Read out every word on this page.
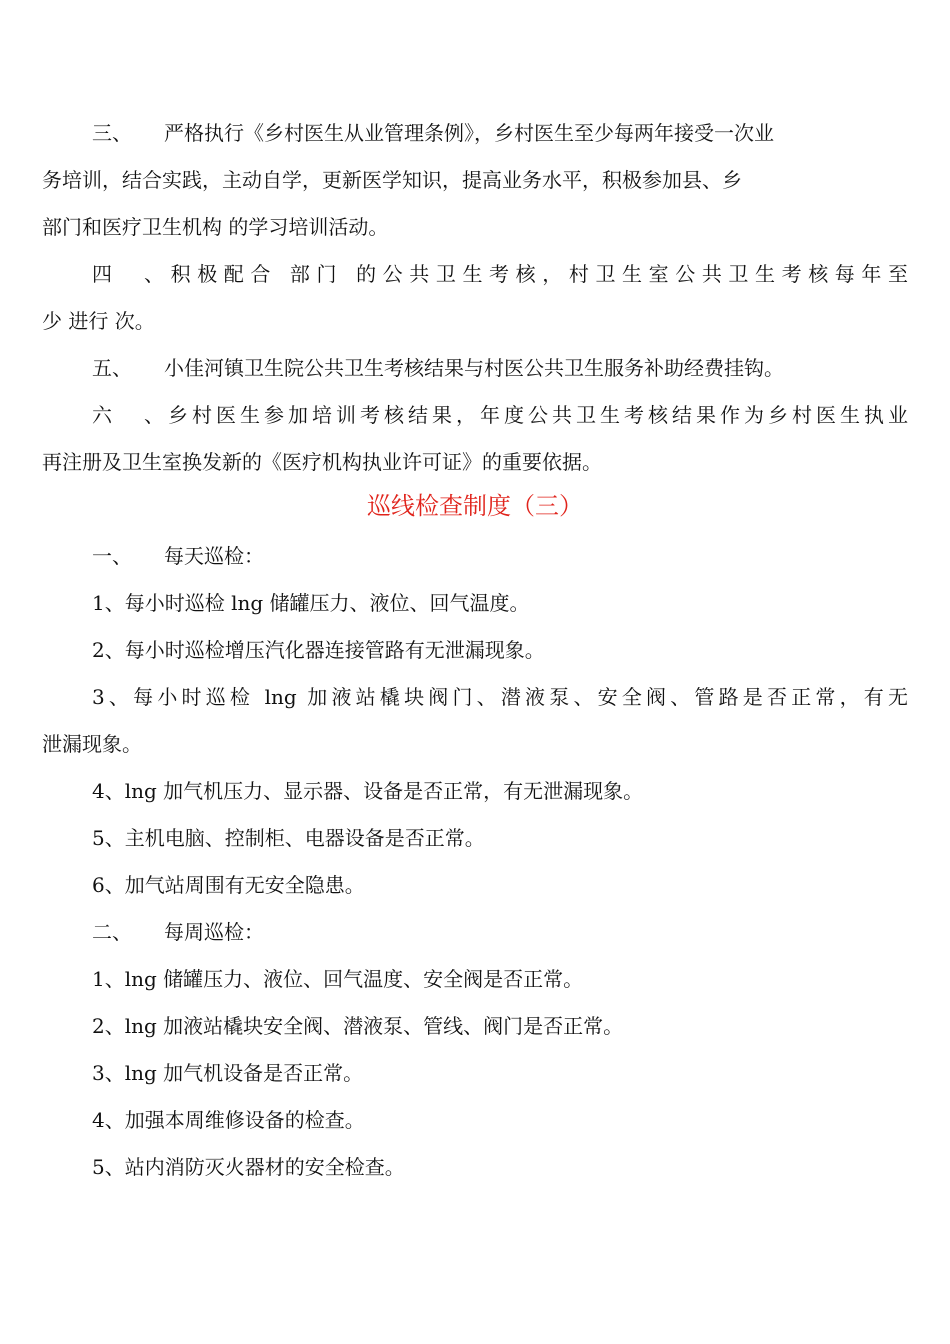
三、 严格执行《乡村医生从业管理条例》，乡村医生至少每两年接受一次业
务培训，结合实践，主动自学，更新医学知识，提高业务水平，积极参加县、乡
部门和医疗卫生机构 的学习培训活动。
四、积极配合 部门 的公共卫生考核，村卫生室公共卫生考核每年至
少 进行 次。
五、 小佳河镇卫生院公共卫生考核结果与村医公共卫生服务补助经费挂钩。
六、乡村医生参加培训考核结果，年度公共卫生考核结果作为乡村医生执业
再注册及卫生室换发新的《医疗机构执业许可证》的重要依据。
巡线检查制度（三）
一、 每天巡检：
1、每小时巡检 lng 储罐压力、液位、回气温度。
2、每小时巡检增压汽化器连接管路有无泄漏现象。
3、每小时巡检 lng 加液站橇块阀门、潜液泵、安全阀、管路是否正常，有无
泄漏现象。
4、lng 加气机压力、显示器、设备是否正常，有无泄漏现象。
5、主机电脑、控制柜、电器设备是否正常。
6、加气站周围有无安全隐患。
二、 每周巡检：
1、lng 储罐压力、液位、回气温度、安全阀是否正常。
2、lng 加液站橇块安全阀、潜液泵、管线、阀门是否正常。
3、lng 加气机设备是否正常。
4、加强本周维修设备的检查。
5、站内消防灭火器材的安全检查。
